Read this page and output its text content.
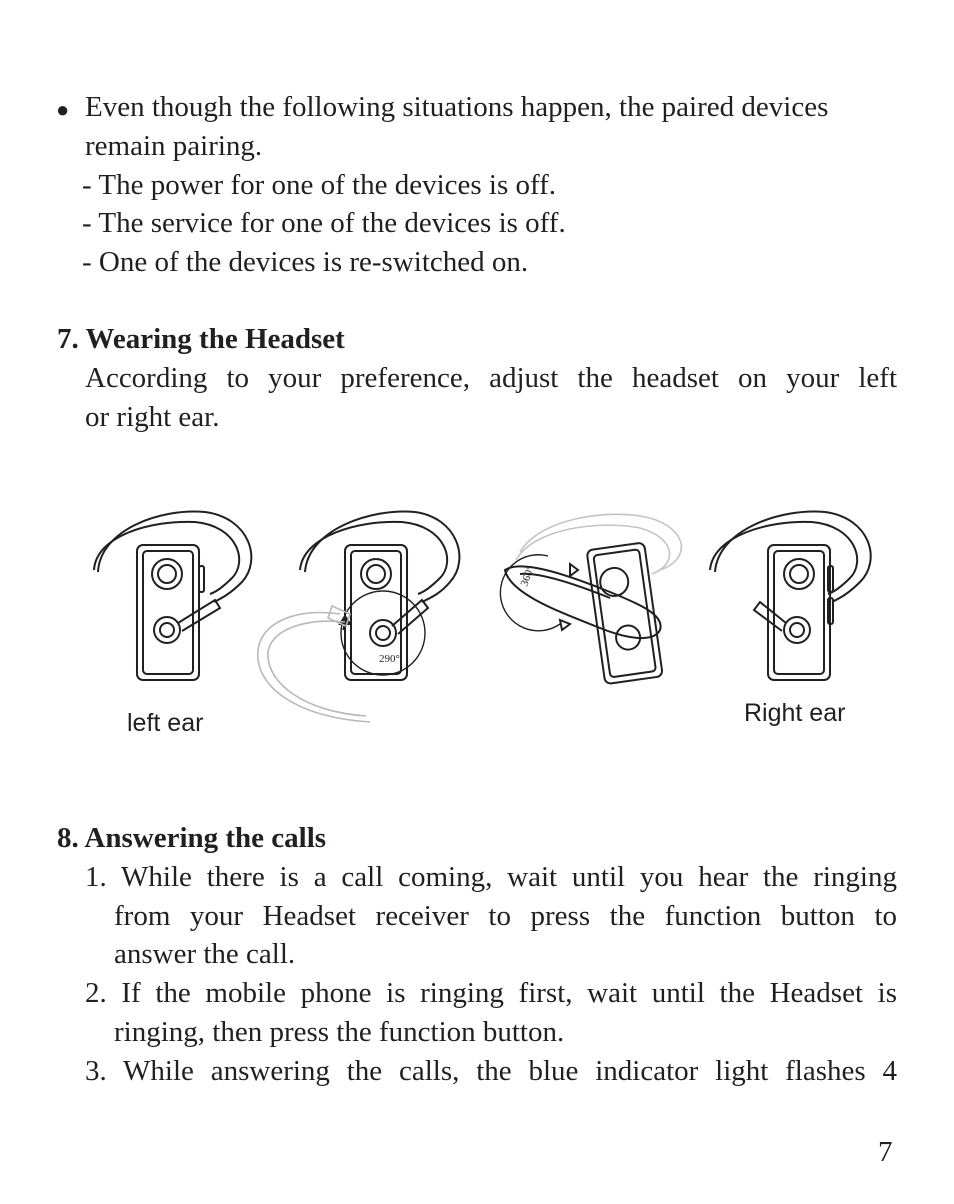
● Even though the following situations happen, the paired devices
remain pairing.
- The power for one of the devices is off.
- The service for one of the devices is off.
- One of the devices is re-switched on.
7. Wearing the Headset
According to your preference, adjust the headset on your left
or right ear.
290°
360°
left ear	Right ear
8. Answering the calls
1. While there is a call coming, wait until you hear the ringing
from your Headset receiver to press the function button to
answer the call.
2. If the mobile phone is ringing first, wait until the Headset is
ringing, then press the function button.
3. While answering the calls, the blue indicator light flashes 4
7
